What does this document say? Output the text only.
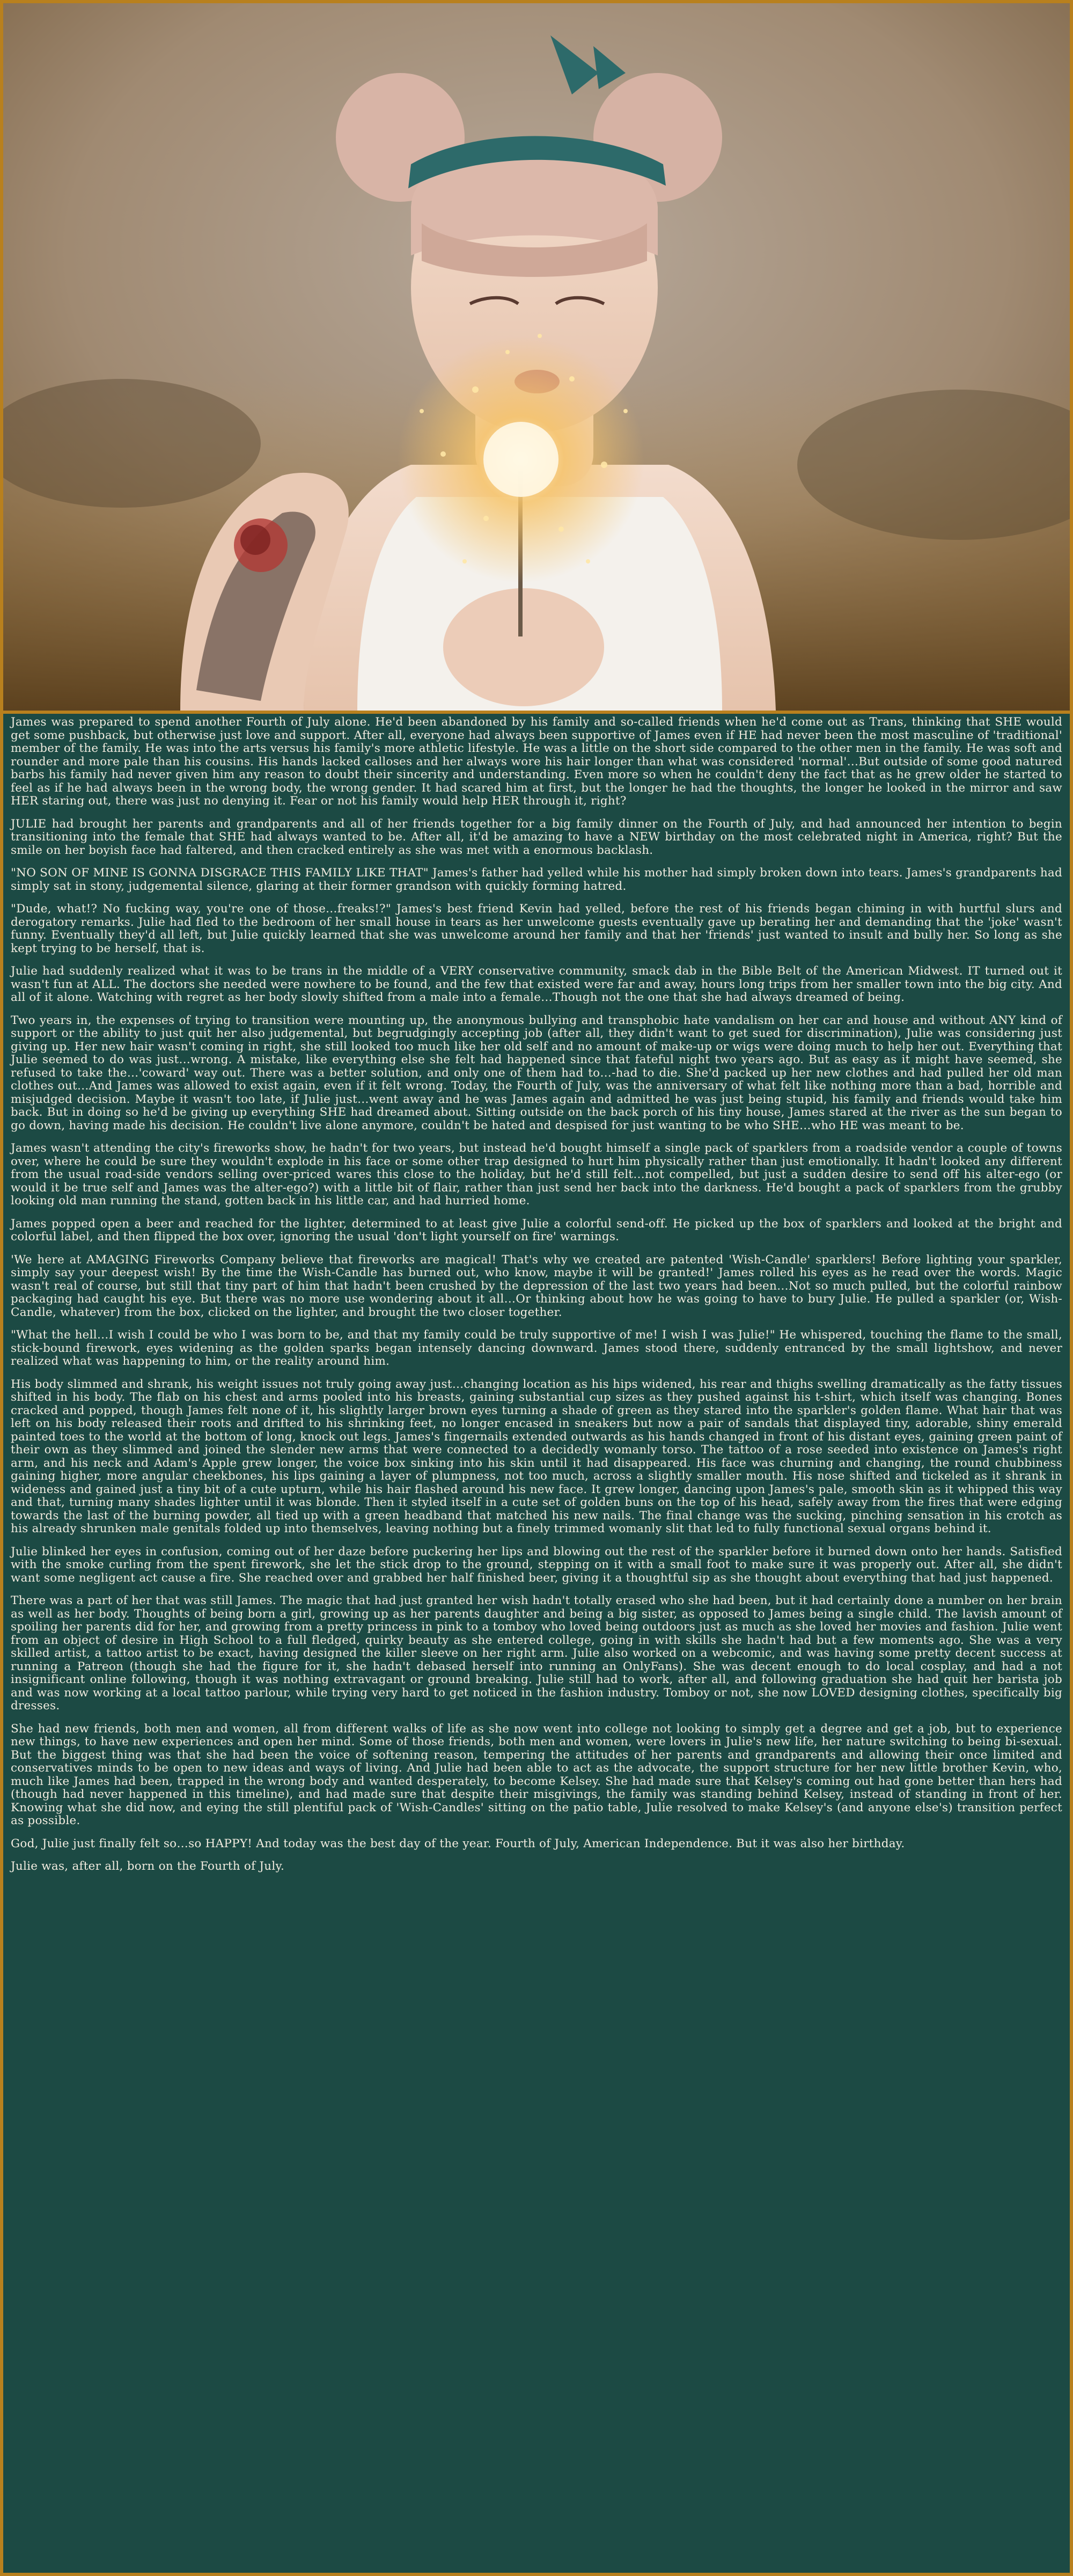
James was prepared to spend another Fourth of July alone. He'd been abandoned by his family and so-called friends when he'd come out as Trans, thinking that SHE would get some pushback, but otherwise just love and support. After all, everyone had always been supportive of James even if HE had never been the most masculine of 'traditional' member of the family. He was into the arts versus his family's more athletic lifestyle. He was a little on the short side compared to the other men in the family. He was soft and rounder and more pale than his cousins. His hands lacked calloses and her always wore his hair longer than what was considered 'normal'…But outside of some good natured barbs his family had never given him any reason to doubt their sincerity and understanding. Even more so when he couldn't deny the fact that as he grew older he started to feel as if he had always been in the wrong body, the wrong gender. It had scared him at first, but the longer he had the thoughts, the longer he looked in the mirror and saw HER staring out, there was just no denying it. Fear or not his family would help HER through it, right?

JULIE had brought her parents and grandparents and all of her friends together for a big family dinner on the Fourth of July, and had announced her intention to begin transitioning into the female that SHE had always wanted to be. After all, it'd be amazing to have a NEW birthday on the most celebrated night in America, right? But the smile on her boyish face had faltered, and then cracked entirely as she was met with a enormous backlash.

"NO SON OF MINE IS GONNA DISGRACE THIS FAMILY LIKE THAT" James's father had yelled while his mother had simply broken down into tears. James's grandparents had simply sat in stony, judgemental silence, glaring at their former grandson with quickly forming hatred.

"Dude, what!? No fucking way, you're one of those…freaks!?" James's best friend Kevin had yelled, before the rest of his friends began chiming in with hurtful slurs and derogatory remarks. Julie had fled to the bedroom of her small house in tears as her unwelcome guests eventually gave up berating her and demanding that the 'joke' wasn't funny. Eventually they'd all left, but Julie quickly learned that she was unwelcome around her family and that her 'friends' just wanted to insult and bully her. So long as she kept trying to be herself, that is.

Julie had suddenly realized what it was to be trans in the middle of a VERY conservative community, smack dab in the Bible Belt of the American Midwest. IT turned out it wasn't fun at ALL. The doctors she needed were nowhere to be found, and the few that existed were far and away, hours long trips from her smaller town into the big city. And all of it alone. Watching with regret as her body slowly shifted from a male into a female…Though not the one that she had always dreamed of being.

Two years in, the expenses of trying to transition were mounting up, the anonymous bullying and transphobic hate vandalism on her car and house and without ANY kind of support or the ability to just quit her also judgemental, but begrudgingly accepting job (after all, they didn't want to get sued for discrimination), Julie was considering just giving up. Her new hair wasn't coming in right, she still looked too much like her old self and no amount of make-up or wigs were doing much to help her out. Everything that Julie seemed to do was just…wrong. A mistake, like everything else she felt had happened since that fateful night two years ago. But as easy as it might have seemed, she refused to take the…'coward' way out. There was a better solution, and only one of them had to…-had to die. She'd packed up her new clothes and had pulled her old man clothes out…And James was allowed to exist again, even if it felt wrong. Today, the Fourth of July, was the anniversary of what felt like nothing more than a bad, horrible and misjudged decision. Maybe it wasn't too late, if Julie just…went away and he was James again and admitted he was just being stupid, his family and friends would take him back. But in doing so he'd be giving up everything SHE had dreamed about. Sitting outside on the back porch of his tiny house, James stared at the river as the sun began to go down, having made his decision. He couldn't live alone anymore, couldn't be hated and despised for just wanting to be who SHE…who HE was meant to be.

James wasn't attending the city's fireworks show, he hadn't for two years, but instead he'd bought himself a single pack of sparklers from a roadside vendor a couple of towns over, where he could be sure they wouldn't explode in his face or some other trap designed to hurt him physically rather than just emotionally. It hadn't looked any different from the usual road-side vendors selling over-priced wares this close to the holiday, but he'd still felt…not compelled, but just a sudden desire to send off his alter-ego (or would it be true self and James was the alter-ego?) with a little bit of flair, rather than just send her back into the darkness. He'd bought a pack of sparklers from the grubby looking old man running the stand, gotten back in his little car, and had hurried home.

James popped open a beer and reached for the lighter, determined to at least give Julie a colorful send-off. He picked up the box of sparklers and looked at the bright and colorful label, and then flipped the box over, ignoring the usual 'don't light yourself on fire' warnings.

'We here at AMAGING Fireworks Company believe that fireworks are magical! That's why we created are patented 'Wish-Candle' sparklers! Before lighting your sparkler, simply say your deepest wish! By the time the Wish-Candle has burned out, who know, maybe it will be granted!' James rolled his eyes as he read over the words. Magic wasn't real of course, but still that tiny part of him that hadn't been crushed by the depression of the last two years had been…Not so much pulled, but the colorful rainbow packaging had caught his eye. But there was no more use wondering about it all…Or thinking about how he was going to have to bury Julie. He pulled a sparkler (or, Wish-Candle, whatever) from the box, clicked on the lighter, and brought the two closer together.

"What the hell…I wish I could be who I was born to be, and that my family could be truly supportive of me! I wish I was Julie!" He whispered, touching the flame to the small, stick-bound firework, eyes widening as the golden sparks began intensely dancing downward. James stood there, suddenly entranced by the small lightshow, and never realized what was happening to him, or the reality around him.

His body slimmed and shrank, his weight issues not truly going away just…changing location as his hips widened, his rear and thighs swelling dramatically as the fatty tissues shifted in his body. The flab on his chest and arms pooled into his breasts, gaining substantial cup sizes as they pushed against his t-shirt, which itself was changing. Bones cracked and popped, though James felt none of it, his slightly larger brown eyes turning a shade of green as they stared into the sparkler's golden flame. What hair that was left on his body released their roots and drifted to his shrinking feet, no longer encased in sneakers but now a pair of sandals that displayed tiny, adorable, shiny emerald painted toes to the world at the bottom of long, knock out legs. James's fingernails extended outwards as his hands changed in front of his distant eyes, gaining green paint of their own as they slimmed and joined the slender new arms that were connected to a decidedly womanly torso. The tattoo of a rose seeded into existence on James's right arm, and his neck and Adam's Apple grew longer, the voice box sinking into his skin until it had disappeared. His face was churning and changing, the round chubbiness gaining higher, more angular cheekbones, his lips gaining a layer of plumpness, not too much, across a slightly smaller mouth. His nose shifted and tickeled as it shrank in wideness and gained just a tiny bit of a cute upturn, while his hair flashed around his new face. It grew longer, dancing upon James's pale, smooth skin as it whipped this way and that, turning many shades lighter until it was blonde. Then it styled itself in a cute set of golden buns on the top of his head, safely away from the fires that were edging towards the last of the burning powder, all tied up with a green headband that matched his new nails. The final change was the sucking, pinching sensation in his crotch as his already shrunken male genitals folded up into themselves, leaving nothing but a finely trimmed womanly slit that led to fully functional sexual organs behind it.

Julie blinked her eyes in confusion, coming out of her daze before puckering her lips and blowing out the rest of the sparkler before it burned down onto her hands. Satisfied with the smoke curling from the spent firework, she let the stick drop to the ground, stepping on it with a small foot to make sure it was properly out. After all, she didn't want some negligent act cause a fire. She reached over and grabbed her half finished beer, giving it a thoughtful sip as she thought about everything that had just happened.

There was a part of her that was still James. The magic that had just granted her wish hadn't totally erased who she had been, but it had certainly done a number on her brain as well as her body. Thoughts of being born a girl, growing up as her parents daughter and being a big sister, as opposed to James being a single child. The lavish amount of spoiling her parents did for her, and growing from a pretty princess in pink to a tomboy who loved being outdoors just as much as she loved her movies and fashion. Julie went from an object of desire in High School to a full fledged, quirky beauty as she entered college, going in with skills she hadn't had but a few moments ago. She was a very skilled artist, a tattoo artist to be exact, having designed the killer sleeve on her right arm. Julie also worked on a webcomic, and was having some pretty decent success at running a Patreon (though she had the figure for it, she hadn't debased herself into running an OnlyFans). She was decent enough to do local cosplay, and had a not insignificant online following, though it was nothing extravagant or ground breaking. Julie still had to work, after all, and following graduation she had quit her barista job and was now working at a local tattoo parlour, while trying very hard to get noticed in the fashion industry. Tomboy or not, she now LOVED designing clothes, specifically big dresses.

She had new friends, both men and women, all from different walks of life as she now went into college not looking to simply get a degree and get a job, but to experience new things, to have new experiences and open her mind. Some of those friends, both men and women, were lovers in Julie's new life, her nature switching to being bi-sexual. But the biggest thing was that she had been the voice of softening reason, tempering the attitudes of her parents and grandparents and allowing their once limited and conservatives minds to be open to new ideas and ways of living. And Julie had been able to act as the advocate, the support structure for her new little brother Kevin, who, much like James had been, trapped in the wrong body and wanted desperately, to become Kelsey. She had made sure that Kelsey's coming out had gone better than hers had (though had never happened in this timeline), and had made sure that despite their misgivings, the family was standing behind Kelsey, instead of standing in front of her. Knowing what she did now, and eying the still plentiful pack of 'Wish-Candles' sitting on the patio table, Julie resolved to make Kelsey's (and anyone else's) transition perfect as possible.

God, Julie just finally felt so…so HAPPY! And today was the best day of the year. Fourth of July, American Independence. But it was also her birthday.

Julie was, after all, born on the Fourth of July.
